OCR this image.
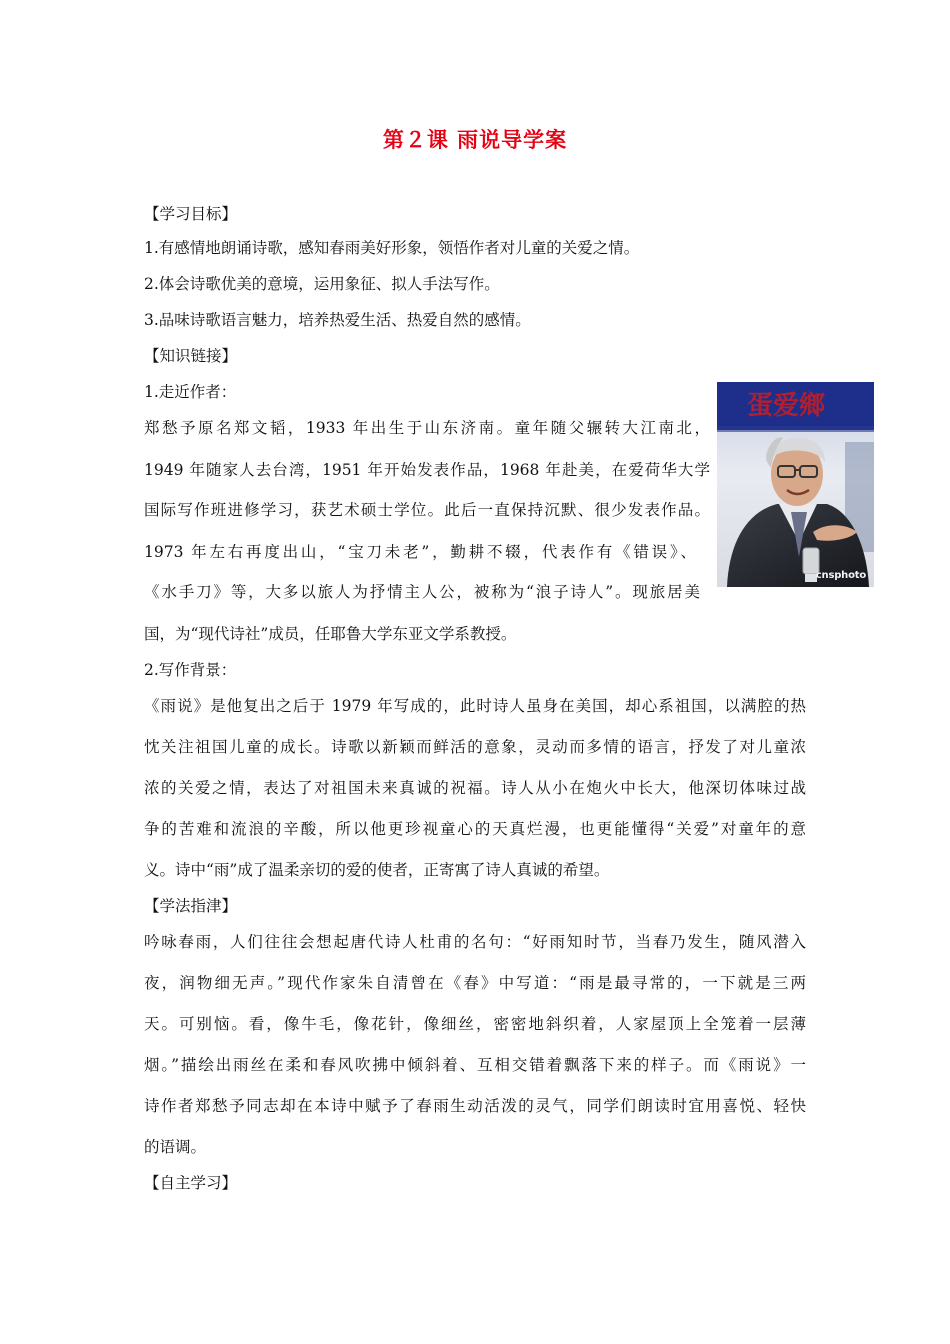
第２课 雨说导学案
【学习目标】
1.有感情地朗诵诗歌，感知春雨美好形象，领悟作者对儿童的关爱之情。
2.体会诗歌优美的意境，运用象征、拟人手法写作。
3.品味诗歌语言魅力，培养热爱生活、热爱自然的感情。
【知识链接】
1.走近作者：
郑愁予原名郑文韬，1933 年出生于山东济南。童年随父辗转大江南北，
1949 年随家人去台湾，1951 年开始发表作品，1968 年赴美，在爱荷华大学
国际写作班进修学习，获艺术硕士学位。此后一直保持沉默、很少发表作品。
1973 年左右再度出山，“宝刀未老”，勤耕不辍，代表作有《错误》、
《水手刀》等，大多以旅人为抒情主人公，被称为“浪子诗人”。现旅居美
国，为“现代诗社”成员，任耶鲁大学东亚文学系教授。
2.写作背景：
《雨说》是他复出之后于 1979 年写成的，此时诗人虽身在美国，却心系祖国，以满腔的热
忱关注祖国儿童的成长。诗歌以新颖而鲜活的意象，灵动而多情的语言，抒发了对儿童浓
浓的关爱之情，表达了对祖国未来真诚的祝福。诗人从小在炮火中长大，他深切体味过战
争的苦难和流浪的辛酸，所以他更珍视童心的天真烂漫，也更能懂得“关爱”对童年的意
义。诗中“雨”成了温柔亲切的爱的使者，正寄寓了诗人真诚的希望。
【学法指津】
吟咏春雨，人们往往会想起唐代诗人杜甫的名句：“好雨知时节，当春乃发生，随风潜入
夜，润物细无声。”现代作家朱自清曾在《春》中写道：“雨是最寻常的，一下就是三两
天。可别恼。看，像牛毛，像花针，像细丝，密密地斜织着，人家屋顶上全笼着一层薄
烟。”描绘出雨丝在柔和春风吹拂中倾斜着、互相交错着飘落下来的样子。而《雨说》一
诗作者郑愁予同志却在本诗中赋予了春雨生动活泼的灵气，同学们朗读时宜用喜悦、轻快
的语调。
【自主学习】
蛋爱鄉
cnsphoto
